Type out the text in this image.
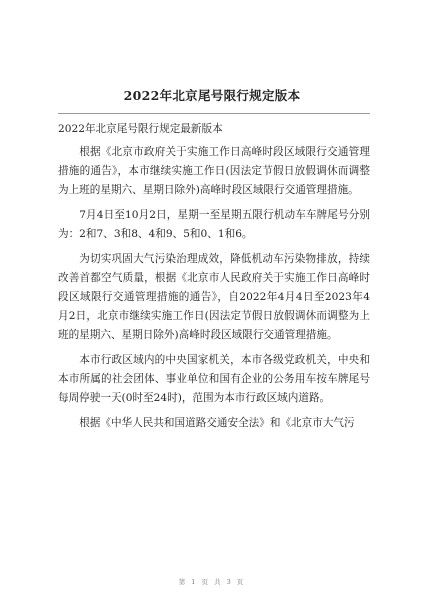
2022年北京尾号限行规定版本

2022年北京尾号限行规定最新版本

根据《北京市政府关于实施工作日高峰时段区域限行交通管理措施的通告》，本市继续实施工作日(因法定节假日放假调休而调整为上班的星期六、星期日除外)高峰时段区域限行交通管理措施。

7月4日至10月2日，星期一至星期五限行机动车车牌尾号分别为：2和7、3和8、4和9、5和0、1和6。

为切实巩固大气污染治理成效，降低机动车污染物排放，持续改善首都空气质量，根据《北京市人民政府关于实施工作日高峰时段区域限行交通管理措施的通告》，自2022年4月4日至2023年4月2日，北京市继续实施工作日(因法定节假日放假调休而调整为上班的星期六、星期日除外)高峰时段区域限行交通管理措施。

本市行政区域内的中央国家机关，本市各级党政机关，中央和本市所属的社会团体、事业单位和国有企业的公务用车按车牌尾号每周停驶一天(0时至24时)，范围为本市行政区域内道路。

根据《中华人民共和国道路交通安全法》和《北京市大气污

第 1 页 共 3 页
